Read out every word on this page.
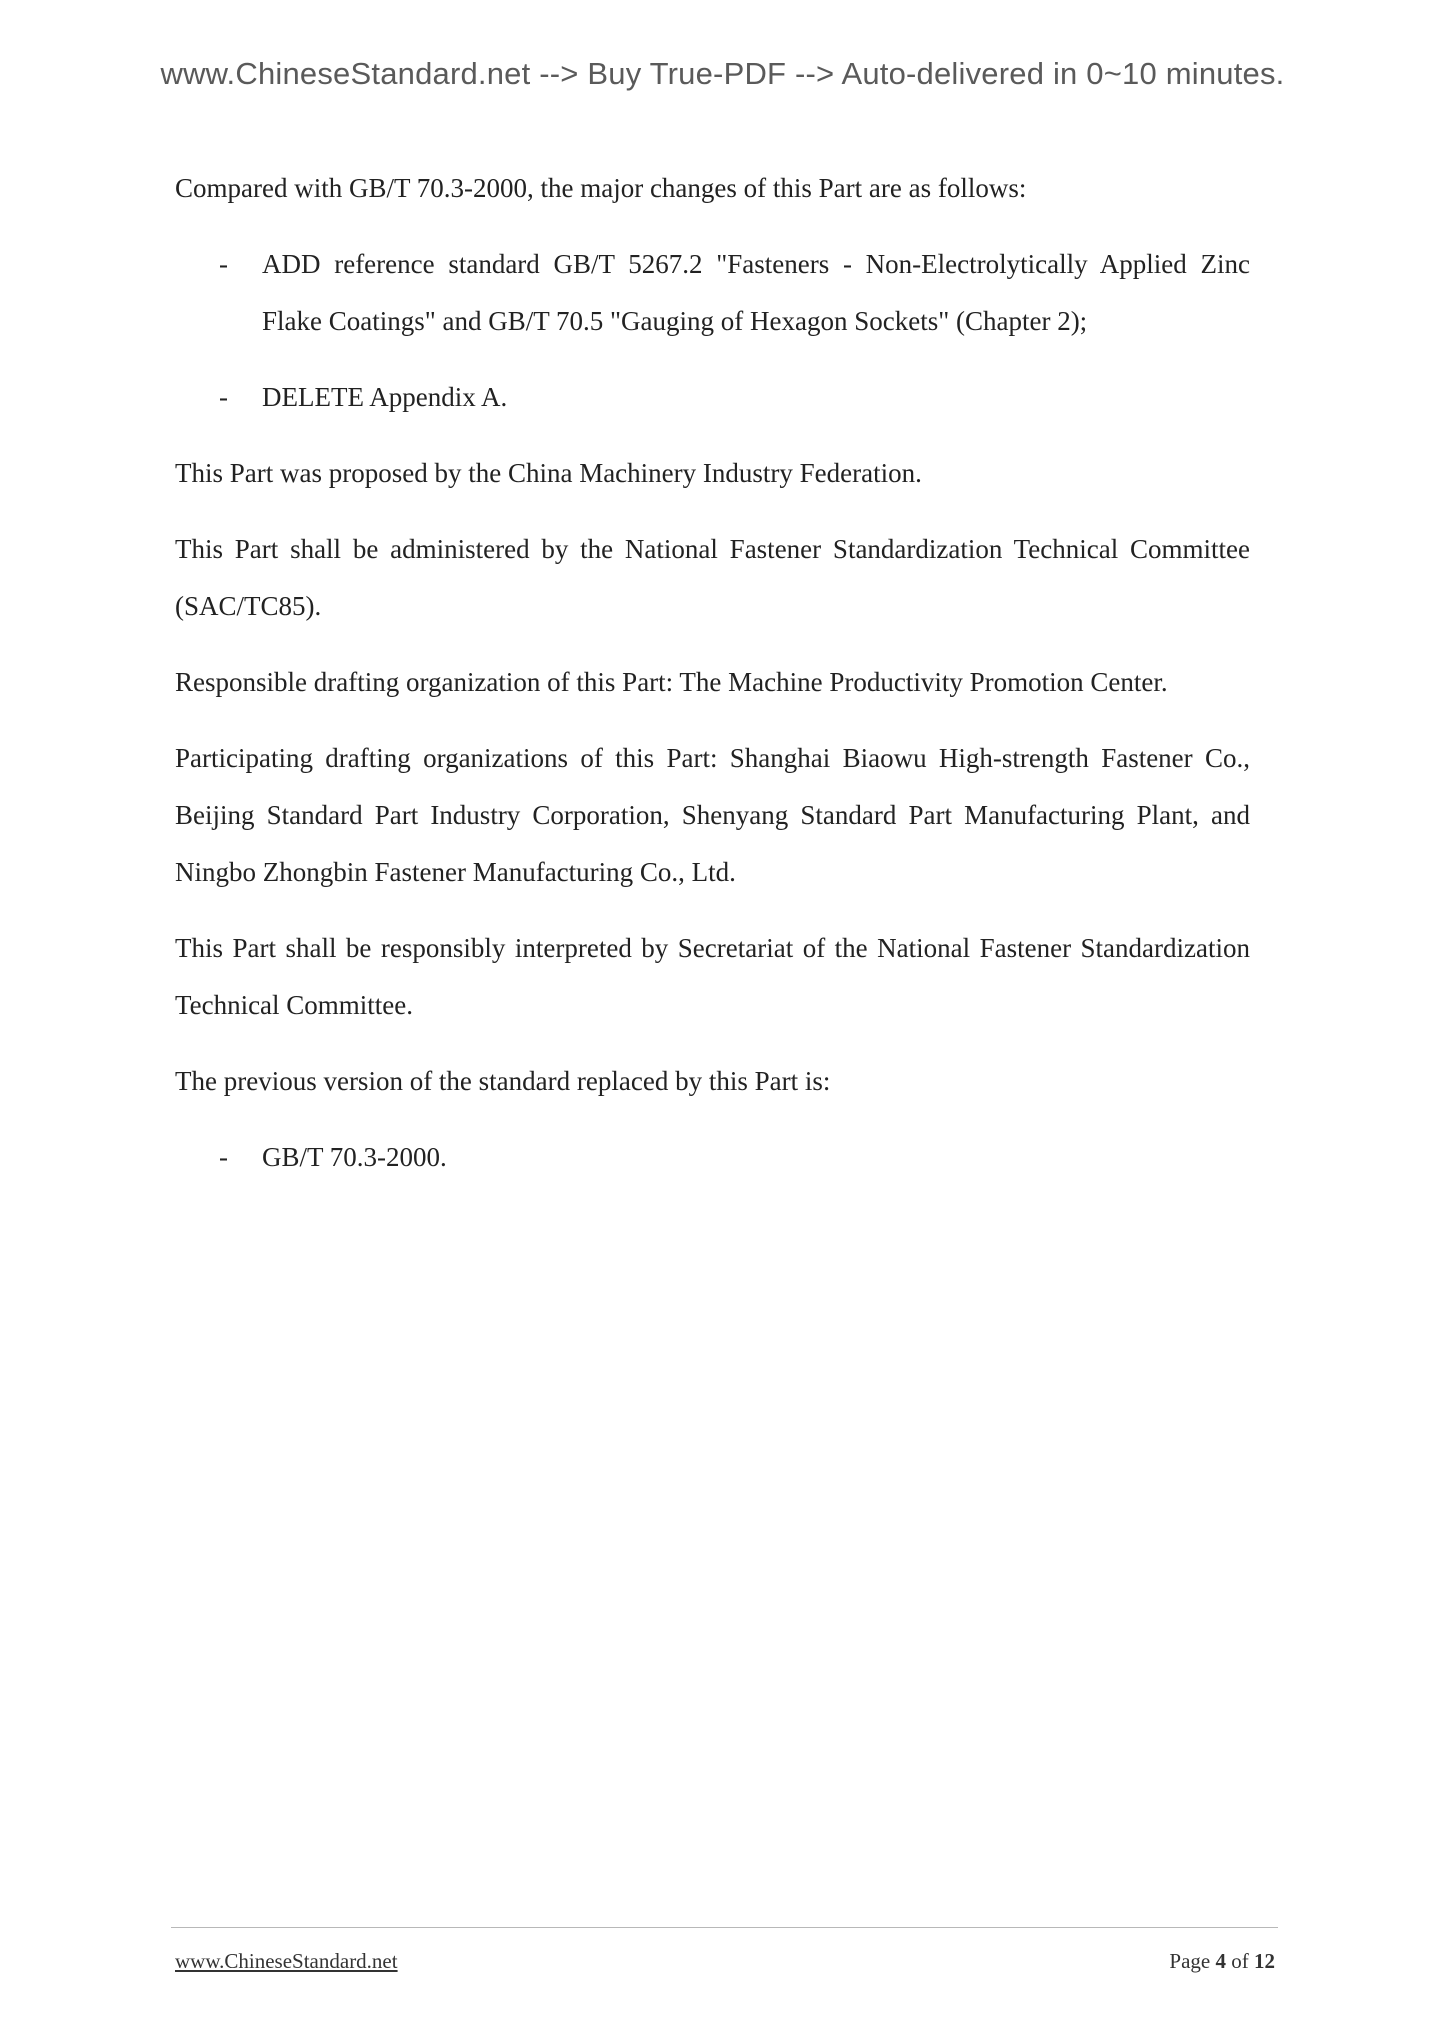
www.ChineseStandard.net --> Buy True-PDF --> Auto-delivered in 0~10 minutes.

Compared with GB/T 70.3-2000, the major changes of this Part are as follows:

- ADD reference standard GB/T 5267.2 "Fasteners - Non-Electrolytically Applied Zinc Flake Coatings" and GB/T 70.5 "Gauging of Hexagon Sockets" (Chapter 2);
- DELETE Appendix A.

This Part was proposed by the China Machinery Industry Federation.

This Part shall be administered by the National Fastener Standardization Technical Committee (SAC/TC85).

Responsible drafting organization of this Part: The Machine Productivity Promotion Center.

Participating drafting organizations of this Part: Shanghai Biaowu High-strength Fastener Co., Beijing Standard Part Industry Corporation, Shenyang Standard Part Manufacturing Plant, and Ningbo Zhongbin Fastener Manufacturing Co., Ltd.

This Part shall be responsibly interpreted by Secretariat of the National Fastener Standardization Technical Committee.

The previous version of the standard replaced by this Part is:

- GB/T 70.3-2000.
www.ChineseStandard.net	Page 4 of 12
